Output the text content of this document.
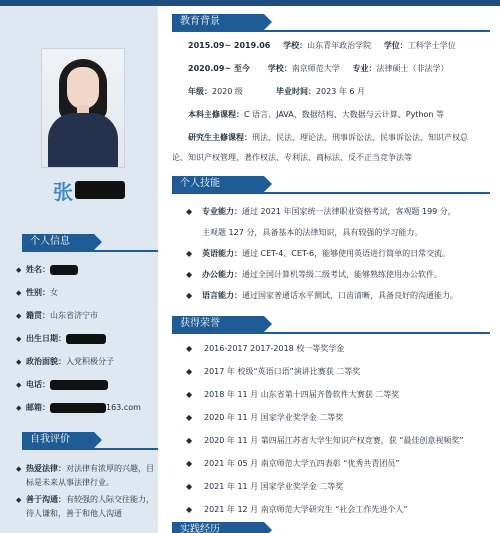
张
个人信息
◆ 姓名：
◆ 性别：女
◆ 籍贯：山东省济宁市
◆ 出生日期：
◆ 政治面貌：入党积极分子
◆ 电话：
◆ 邮箱：	163.com
自我评价
◆ 热爱法律：对法律有浓厚的兴趣，目标是未来从事法律行业。
◆ 善于沟通：有较强的人际交往能力，待人谦和，善于和他人沟通
教育背景
2015.09~ 2019.06 学校：山东青年政治学院 学位：工科学士学位
2020.09~ 至今 学校：南京师范大学 专业：法律硕士（非法学）
年级：2020 级	毕业时间：2023 年 6 月
本科主修课程：C 语言、JAVA、数据结构、大数据与云计算、Python 等
研究生主修课程：刑法、民法、理论法、刑事诉讼法、民事诉讼法、知识产权总
论、知识产权管理、著作权法、专利法、商标法、反不正当竞争法等
个人技能
◆ 专业能力：通过 2021 年国家统一法律职业资格考试，客观题 199 分，
主观题 127 分，具备基本的法律知识，具有较强的学习能力。
◆ 英语能力：通过 CET-4、CET-6，能够使用英语进行简单的日常交流。
◆ 办公能力：通过全国计算机等级二级考试，能够熟练使用办公软件。
◆ 语言能力：通过国家普通话水平测试，口齿清晰，具备良好的沟通能力。
获得荣誉
◆ 2016-2017 2017-2018 校一等奖学金
◆ 2017 年 校级“英语口语”演讲比赛获 二等奖
◆ 2018 年 11 月 山东省第十四届齐鲁软件大赛获 二等奖
◆ 2020 年 11 月 国家学业奖学金 二等奖
◆ 2020 年 11 月 第四届江苏省大学生知识产权竞赛，获 “最佳创意视频奖”
◆ 2021 年 05 月 南京师范大学五四表彰 “优秀共青团员”
◆ 2021 年 11 月 国家学业奖学金 二等奖
◆ 2021 年 12 月 南京师范大学研究生 “社会工作先进个人”
实践经历
